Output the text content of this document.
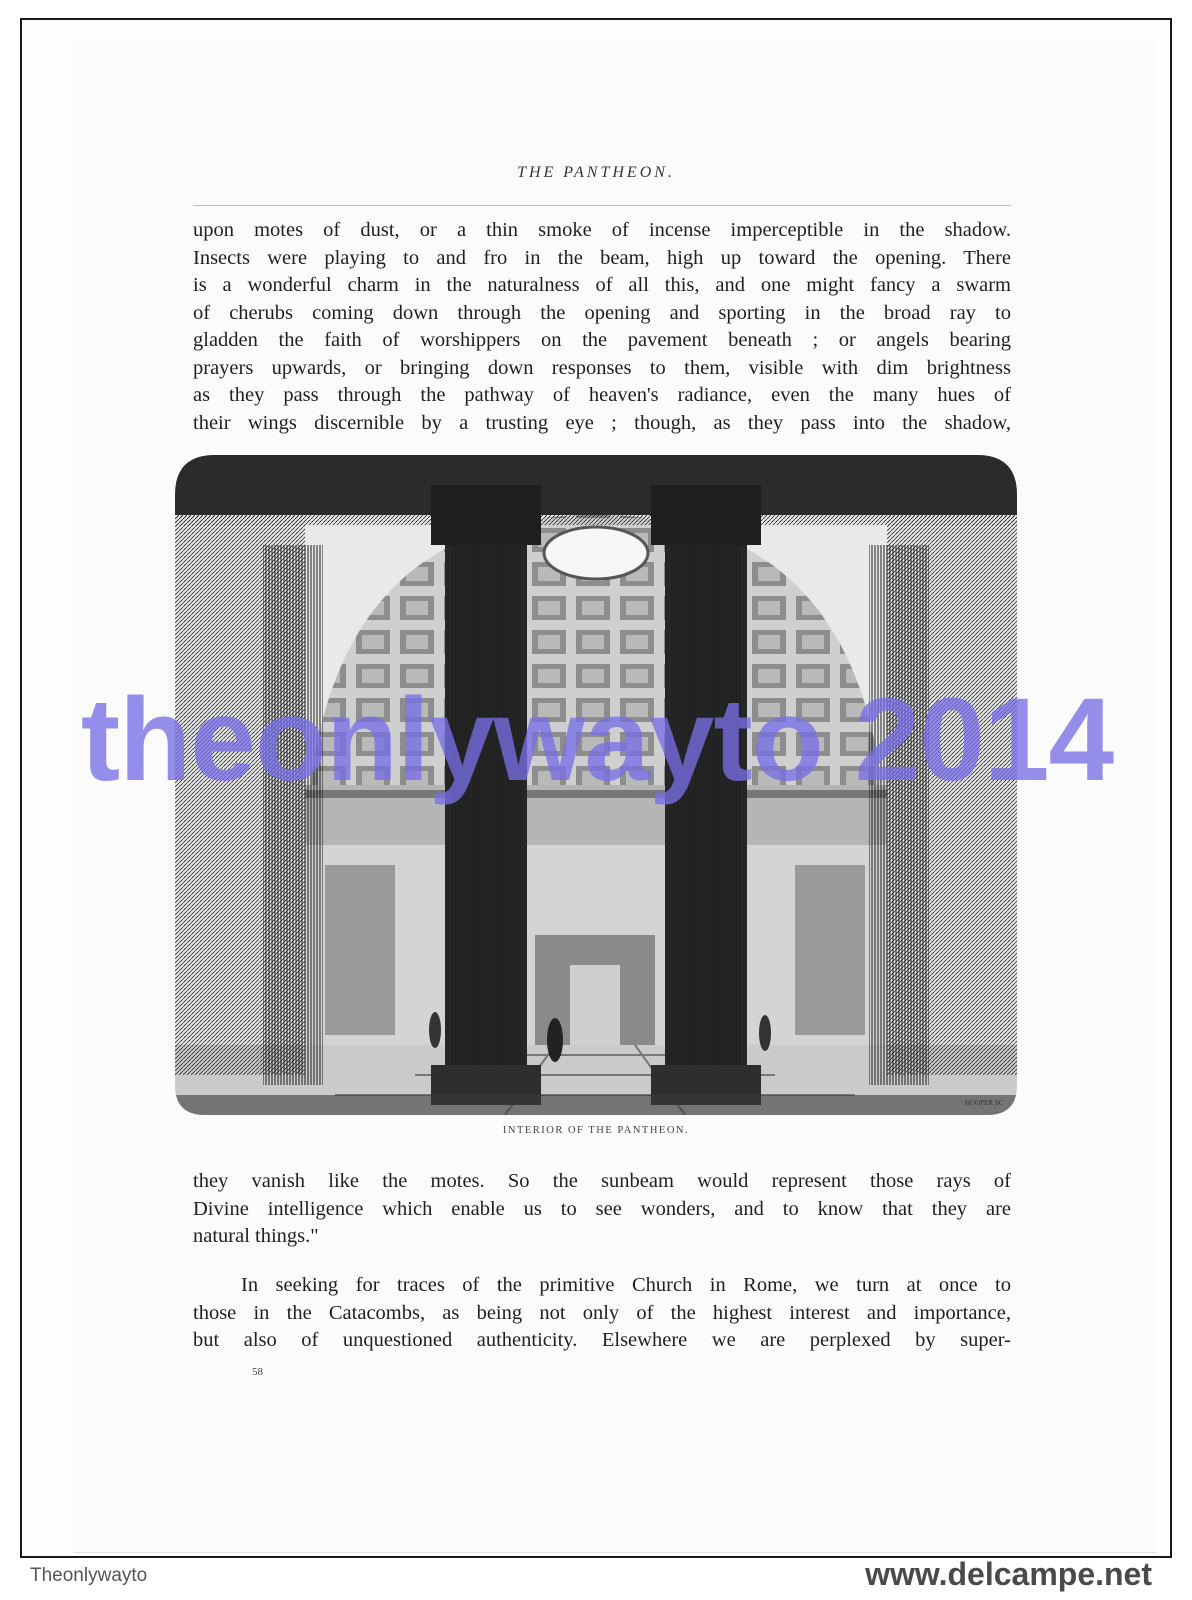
THE PANTHEON.
upon motes of dust, or a thin smoke of incense imperceptible in the shadow.
Insects were playing to and fro in the beam, high up toward the opening. There
is a wonderful charm in the naturalness of all this, and one might fancy a swarm
of cherubs coming down through the opening and sporting in the broad ray to
gladden the faith of worshippers on the pavement beneath ; or angels bearing
prayers upwards, or bringing down responses to them, visible with dim brightness
as they pass through the pathway of heaven's radiance, even the many hues of
their wings discernible by a trusting eye ; though, as they pass into the shadow,
HOOPER SC
INTERIOR OF THE PANTHEON.
they vanish like the motes. So the sunbeam would represent those rays of
Divine intelligence which enable us to see wonders, and to know that they are
natural things."
In seeking for traces of the primitive Church in Rome, we turn at once to
those in the Catacombs, as being not only of the highest interest and importance,
but also of unquestioned authenticity. Elsewhere we are perplexed by super-
58
theonlywayto 2014
Theonlywayto	www.delcampe.net
